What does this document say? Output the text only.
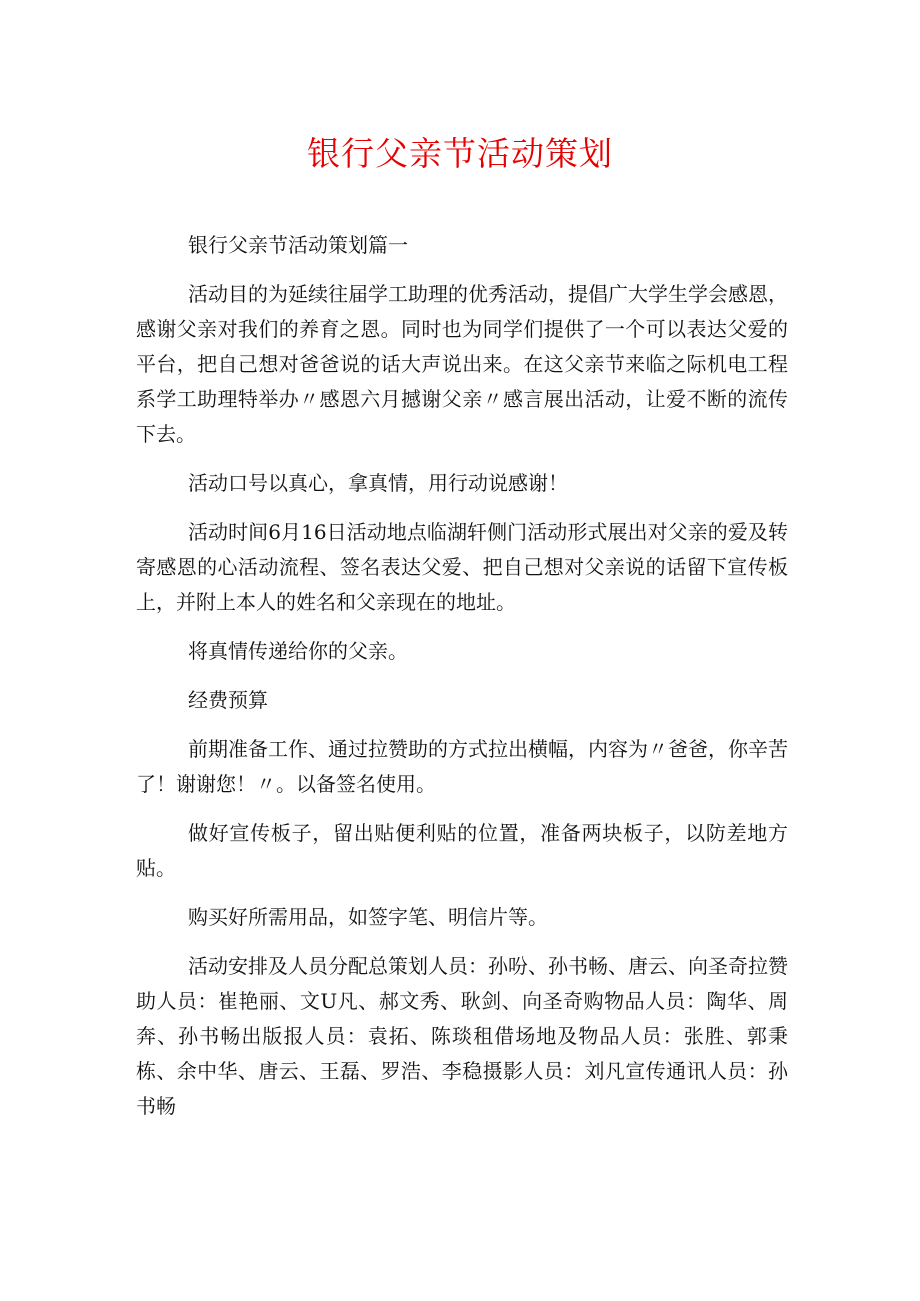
银行父亲节活动策划

银行父亲节活动策划篇一

活动目的为延续往届学工助理的优秀活动，提倡广大学生学会感恩，感谢父亲对我们的养育之恩。同时也为同学们提供了一个可以表达父爱的平台，把自己想对爸爸说的话大声说出来。在这父亲节来临之际机电工程系学工助理特举办〃感恩六月撼谢父亲〃感言展出活动，让爱不断的流传下去。

活动口号以真心，拿真情，用行动说感谢！

活动时间6月16日活动地点临湖轩侧门活动形式展出对父亲的爱及转寄感恩的心活动流程、签名表达父爱、把自己想对父亲说的话留下宣传板上，并附上本人的姓名和父亲现在的地址。

将真情传递给你的父亲。

经费预算

前期准备工作、通过拉赞助的方式拉出横幅，内容为〃爸爸，你辛苦了！谢谢您！〃。以备签名使用。

做好宣传板子，留出贴便利贴的位置，准备两块板子，以防差地方贴。

购买好所需用品，如签字笔、明信片等。

活动安排及人员分配总策划人员：孙吩、孙书畅、唐云、向圣奇拉赞助人员：崔艳丽、文U凡、郝文秀、耿剑、向圣奇购物品人员：陶华、周奔、孙书畅出版报人员：袁拓、陈琰租借场地及物品人员：张胜、郭秉栋、余中华、唐云、王磊、罗浩、李稳摄影人员：刘凡宣传通讯人员：孙书畅
